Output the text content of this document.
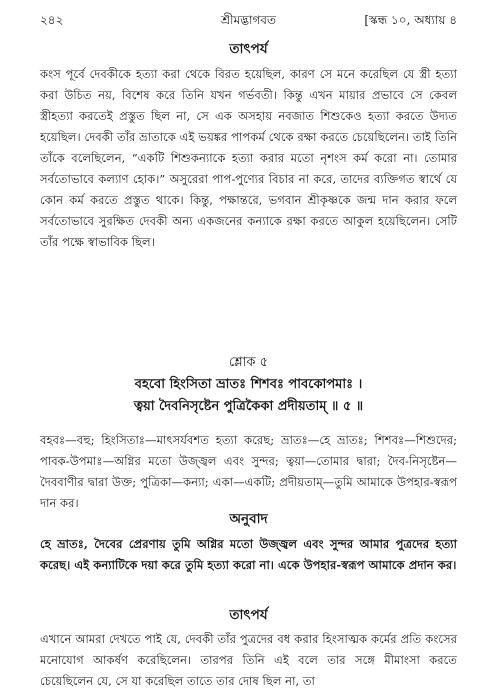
২৪২	শ্রীমদ্ভাগবত	[স্কন্ধ ১০, অধ্যায় ৪
তাৎপর্য

কংস পূর্বে দেবকীকে হত্যা করা থেকে বিরত হয়েছিল, কারণ সে মনে করেছিল যে স্ত্রী হত্যা করা উচিত নয়, বিশেষ করে তিনি যখন গর্ভবতী। কিন্তু এখন মায়ার প্রভাবে সে কেবল স্ত্রীহত্যা করতেই প্রস্তুত ছিল না, সে এক অসহায় নবজাত শিশুকেও হত্যা করতে উদ্যত হয়েছিল। দেবকী তাঁর ভ্রাতাকে এই ভয়ঙ্কর পাপকর্ম থেকে রক্ষা করতে চেয়েছিলেন। তাই তিনি তাঁকে বলেছিলেন, “একটি শিশুকন্যাকে হত্যা করার মতো নৃশংস কর্ম করো না। তোমার সর্বতোভাবে কল্যাণ হোক।” অসুরেরা পাপ-পুণ্যের বিচার না করে, তাদের ব্যক্তিগত স্বার্থে যে কোন কর্ম করতে প্রস্তুত থাকে। কিন্তু, পক্ষান্তরে, ভগবান শ্রীকৃষ্ণকে জন্ম দান করার ফলে সর্বতোভাবে সুরক্ষিত দেবকী অন্য একজনের কন্যাকে রক্ষা করতে আকুল হয়েছিলেন। সেটি তাঁর পক্ষে স্বাভাবিক ছিল।

শ্লোক ৫
বহবো হিংসিতা ভ্রাতঃ শিশবঃ পাবকোপমাঃ ।
ত্বয়া দৈবনিসৃষ্টেন পুত্রিকৈকা প্রদীয়তাম্‌ ॥ ৫ ॥

বহবঃ—বহু; হিংসিতাঃ—মাৎসর্যবশত হত্যা করেছ; ভ্রাতঃ—হে ভ্রাতঃ; শিশবঃ—শিশুদের; পাবক-উপমাঃ—অগ্নির মতো উজ্জ্বল এবং সুন্দর; ত্বয়া—তোমার দ্বারা; দৈব-নিসৃষ্টেন—দৈববাণীর দ্বারা উক্ত; পুত্রিকা—কন্যা; একা—একটি; প্রদীয়তাম্‌—তুমি আমাকে উপহার-স্বরূপ দান কর।

অনুবাদ

হে ভ্রাতঃ, দৈবের প্রেরণায় তুমি অগ্নির মতো উজ্জ্বল এবং সুন্দর আমার পুত্রদের হত্যা করেছ। এই কন্যাটিকে দয়া করে তুমি হত্যা করো না। একে উপহার-স্বরূপ আমাকে প্রদান কর।

তাৎপর্য

এখানে আমরা দেখতে পাই যে, দেবকী তাঁর পুত্রদের বধ করার হিংসাত্মক কর্মের প্রতি কংসের মনোযোগ আকর্ষণ করেছিলেন। তারপর তিনি এই বলে তার সঙ্গে মীমাংসা করতে চেয়েছিলেন যে, সে যা করেছিল তাতে তার দোষ ছিল না, তা
